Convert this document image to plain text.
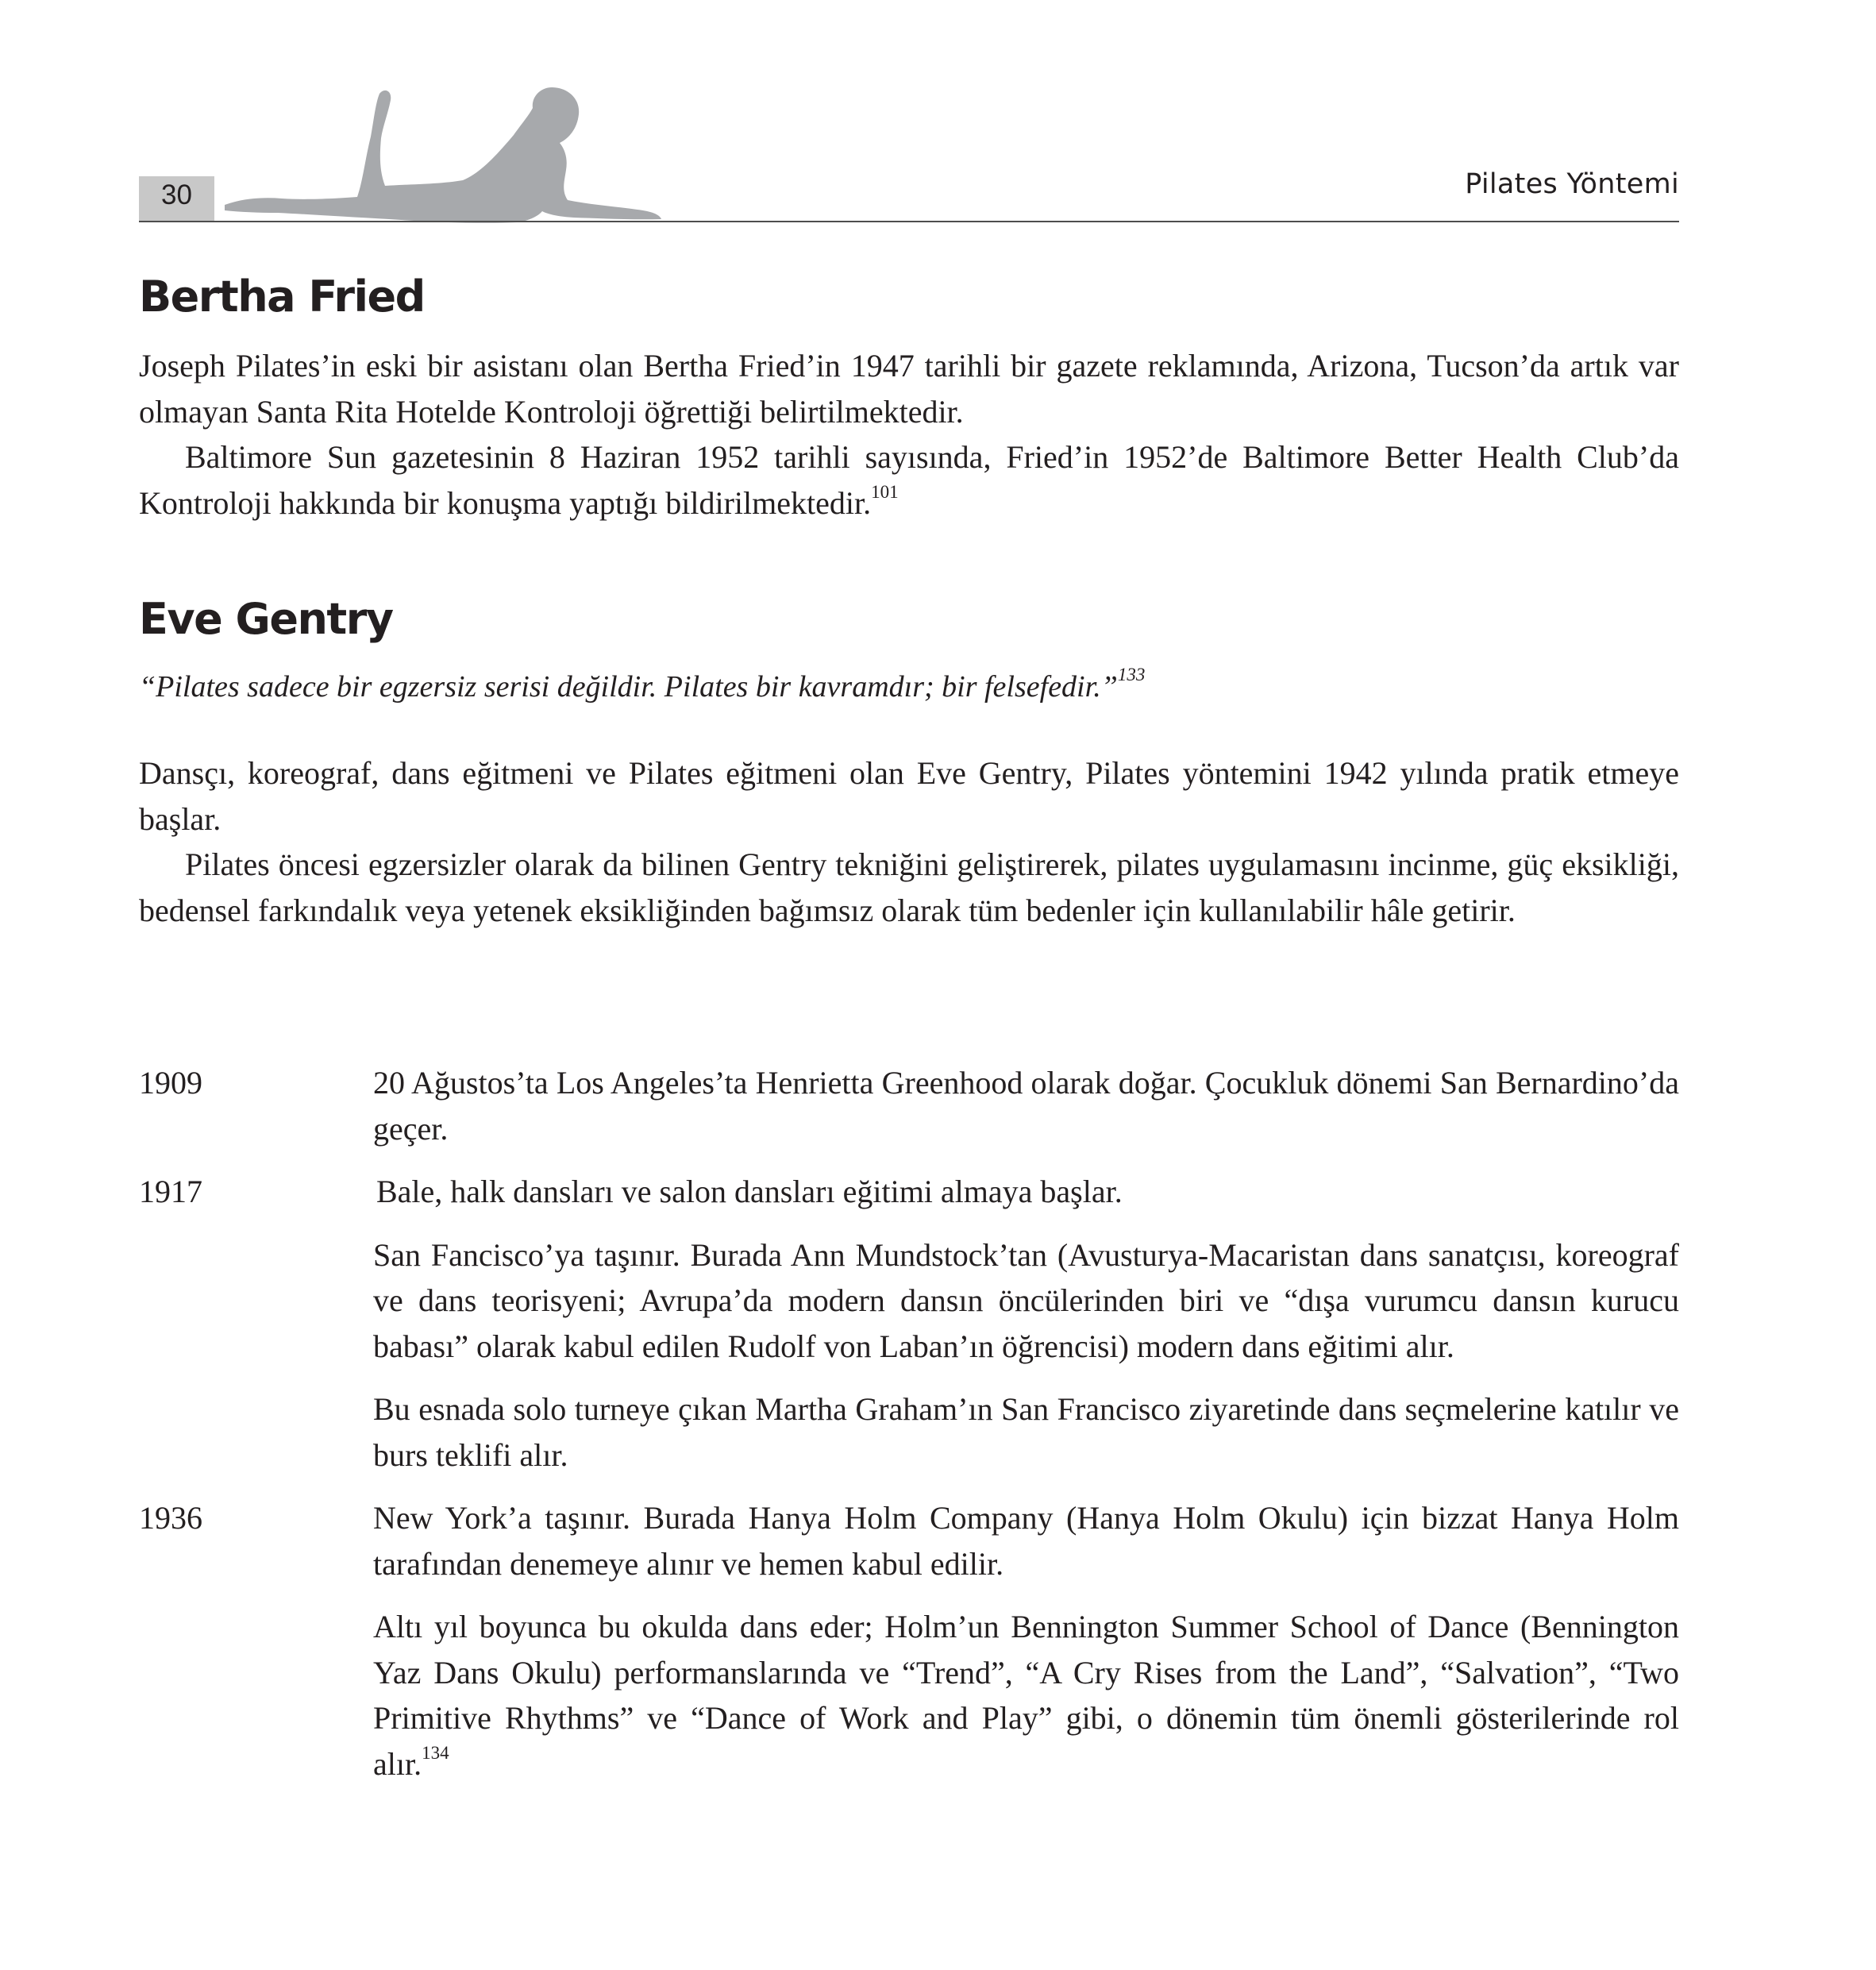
30	Pilates Yöntemi
Bertha Fried

Joseph Pilates’in eski bir asistanı olan Bertha Fried’in 1947 tarihli bir gazete reklamında, Arizona, Tucson’da artık var olmayan Santa Rita Hotelde Kontroloji öğrettiği belirtilmektedir.

Baltimore Sun gazetesinin 8 Haziran 1952 tarihli sayısında, Fried’in 1952’de Baltimore Better Health Club’da Kontroloji hakkında bir konuşma yaptığı bildirilmektedir.$^{101}$

Eve Gentry

“Pilates sadece bir egzersiz serisi değildir. Pilates bir kavramdır; bir felsefedir.”$^{133}$

Dansçı, koreograf, dans eğitmeni ve Pilates eğitmeni olan Eve Gentry, Pilates yöntemini 1942 yılında pratik etmeye başlar.

Pilates öncesi egzersizler olarak da bilinen Gentry tekniğini geliştirerek, pilates uygulamasını incinme, güç eksikliği, bedensel farkındalık veya yetenek eksikliğinden bağımsız olarak tüm bedenler için kullanılabilir hâle getirir.

1909	20 Ağustos’ta Los Angeles’ta Henrietta Greenhood olarak doğar. Çocukluk dönemi San Bernardino’da geçer.

1917	Bale, halk dansları ve salon dansları eğitimi almaya başlar.

San Fancisco’ya taşınır. Burada Ann Mundstock’tan (Avusturya-Macaristan dans sanatçısı, koreograf ve dans teorisyeni; Avrupa’da modern dansın öncülerinden biri ve “dışa vurumcu dansın kurucu babası” olarak kabul edilen Rudolf von Laban’ın öğrencisi) modern dans eğitimi alır.

Bu esnada solo turneye çıkan Martha Graham’ın San Francisco ziyaretinde dans seçmelerine katılır ve burs teklifi alır.

1936	New York’a taşınır. Burada Hanya Holm Company (Hanya Holm Okulu) için bizzat Hanya Holm tarafından denemeye alınır ve hemen kabul edilir.

Altı yıl boyunca bu okulda dans eder; Holm’un Bennington Summer School of Dance (Bennington Yaz Dans Okulu) performanslarında ve “Trend”, “A Cry Rises from the Land”, “Salvation”, “Two Primitive Rhythms” ve “Dance of Work and Play” gibi, o dönemin tüm önemli gösterilerinde rol alır.$^{134}$
